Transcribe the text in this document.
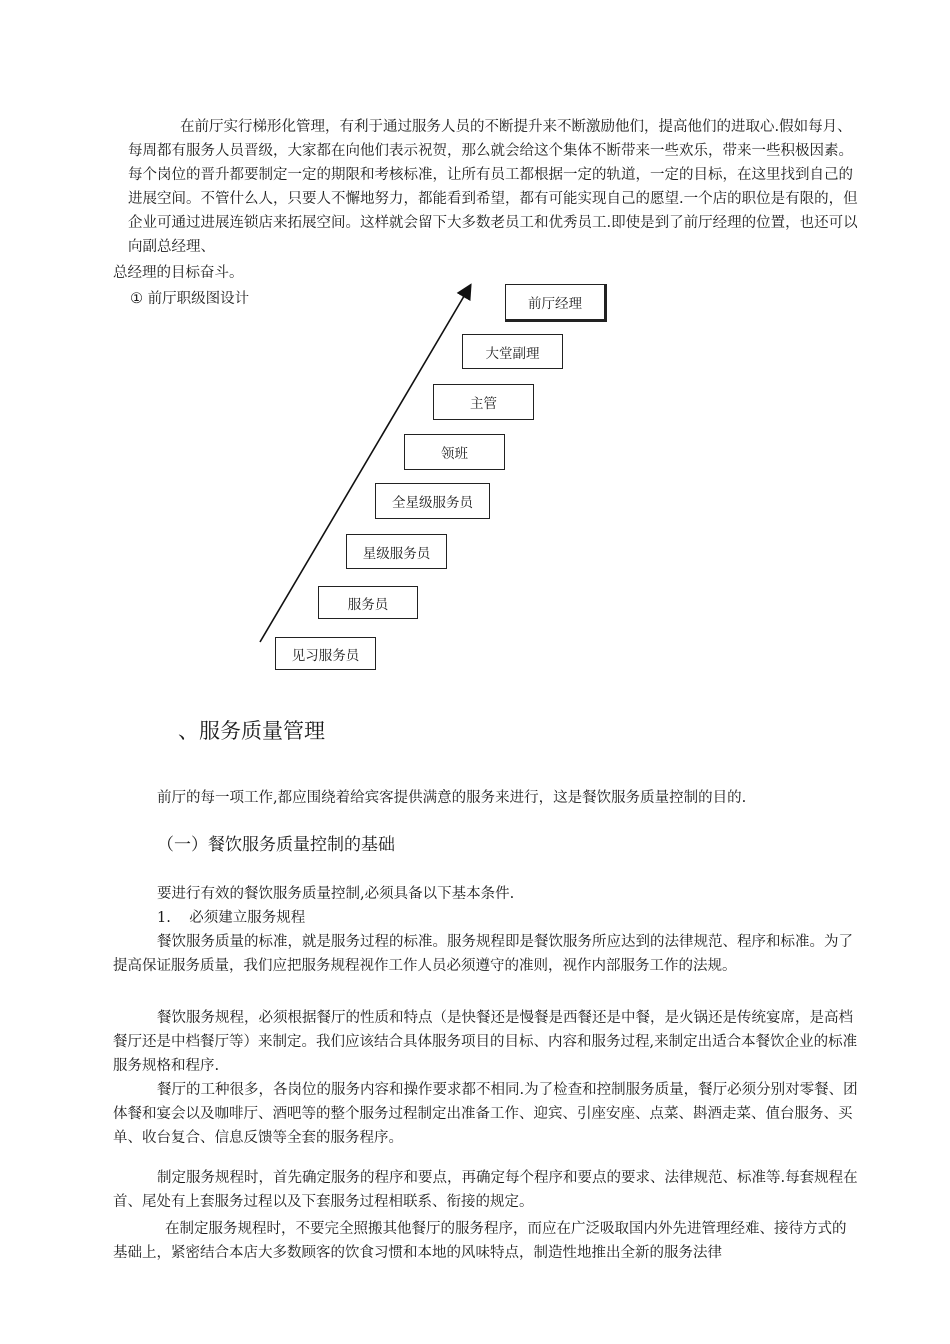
在前厅实行梯形化管理，有利于通过服务人员的不断提升来不断激励他们，提高他们的进取心.假如每月、每周都有服务人员晋级，大家都在向他们表示祝贺，那么就会给这个集体不断带来一些欢乐，带来一些积极因素。每个岗位的晋升都要制定一定的期限和考核标准，让所有员工都根据一定的轨道，一定的目标，在这里找到自己的进展空间。不管什么人，只要人不懈地努力，都能看到希望，都有可能实现自己的愿望.一个店的职位是有限的，但企业可通过进展连锁店来拓展空间。这样就会留下大多数老员工和优秀员工.即使是到了前厅经理的位置，也还可以向副总经理、

总经理的目标奋斗。
① 前厅职级图设计
见习服务员
服务员
星级服务员
全星级服务员
领班
主管
大堂副理
前厅经理
、服务质量管理

前厅的每一项工作,都应围绕着给宾客提供满意的服务来进行，这是餐饮服务质量控制的目的.

（一）餐饮服务质量控制的基础

要进行有效的餐饮服务质量控制,必须具备以下基本条件.

1.    必须建立服务规程

餐饮服务质量的标准，就是服务过程的标准。服务规程即是餐饮服务所应达到的法律规范、程序和标准。为了提高保证服务质量，我们应把服务规程视作工作人员必须遵守的准则，视作内部服务工作的法规。

餐饮服务规程，必须根据餐厅的性质和特点（是快餐还是慢餐是西餐还是中餐，是火锅还是传统宴席，是高档餐厅还是中档餐厅等）来制定。我们应该结合具体服务项目的目标、内容和服务过程,来制定出适合本餐饮企业的标准服务规格和程序.

餐厅的工种很多，各岗位的服务内容和操作要求都不相同.为了检查和控制服务质量，餐厅必须分别对零餐、团体餐和宴会以及咖啡厅、酒吧等的整个服务过程制定出准备工作、迎宾、引座安座、点菜、斟酒走菜、值台服务、买单、收台复合、信息反馈等全套的服务程序。

制定服务规程时，首先确定服务的程序和要点，再确定每个程序和要点的要求、法律规范、标准等.每套规程在首、尾处有上套服务过程以及下套服务过程相联系、衔接的规定。

在制定服务规程时，不要完全照搬其他餐厅的服务程序，而应在广泛吸取国内外先进管理经难、接待方式的基础上，紧密结合本店大多数顾客的饮食习惯和本地的风味特点，制造性地推出全新的服务法律
